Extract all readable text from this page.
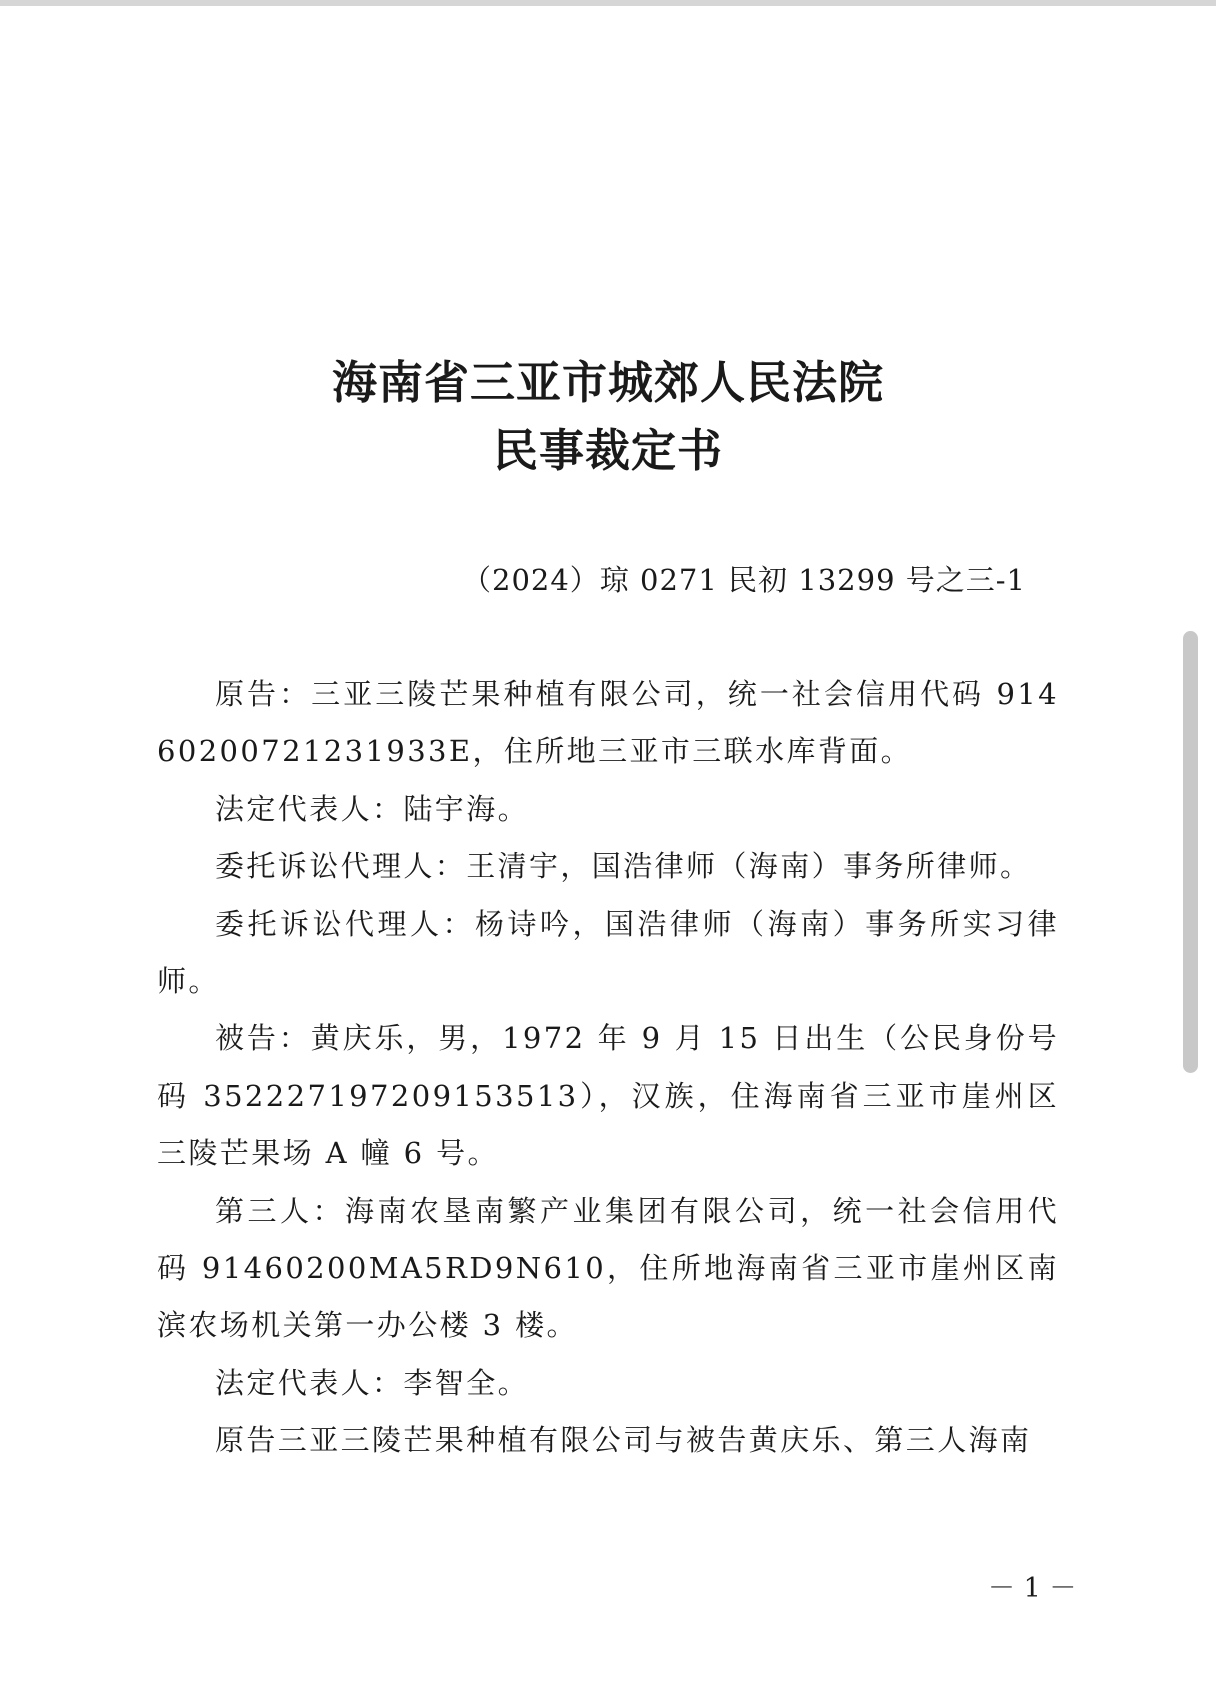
海南省三亚市城郊人民法院
民事裁定书
（2024）琼 0271 民初 13299 号之三-1

原告：三亚三陵芒果种植有限公司，统一社会信用代码 91460200721231933E，住所地三亚市三联水库背面。

法定代表人：陆宇海。

委托诉讼代理人：王清宇，国浩律师（海南）事务所律师。

委托诉讼代理人：杨诗吟，国浩律师（海南）事务所实习律师。

被告：黄庆乐，男，1972 年 9 月 15 日出生（公民身份号码 352227197209153513），汉族，住海南省三亚市崖州区三陵芒果场 A 幢 6 号。

第三人：海南农垦南繁产业集团有限公司，统一社会信用代码 91460200MA5RD9N610，住所地海南省三亚市崖州区南滨农场机关第一办公楼 3 楼。

法定代表人：李智全。

原告三亚三陵芒果种植有限公司与被告黄庆乐、第三人海南

－ 1 －
